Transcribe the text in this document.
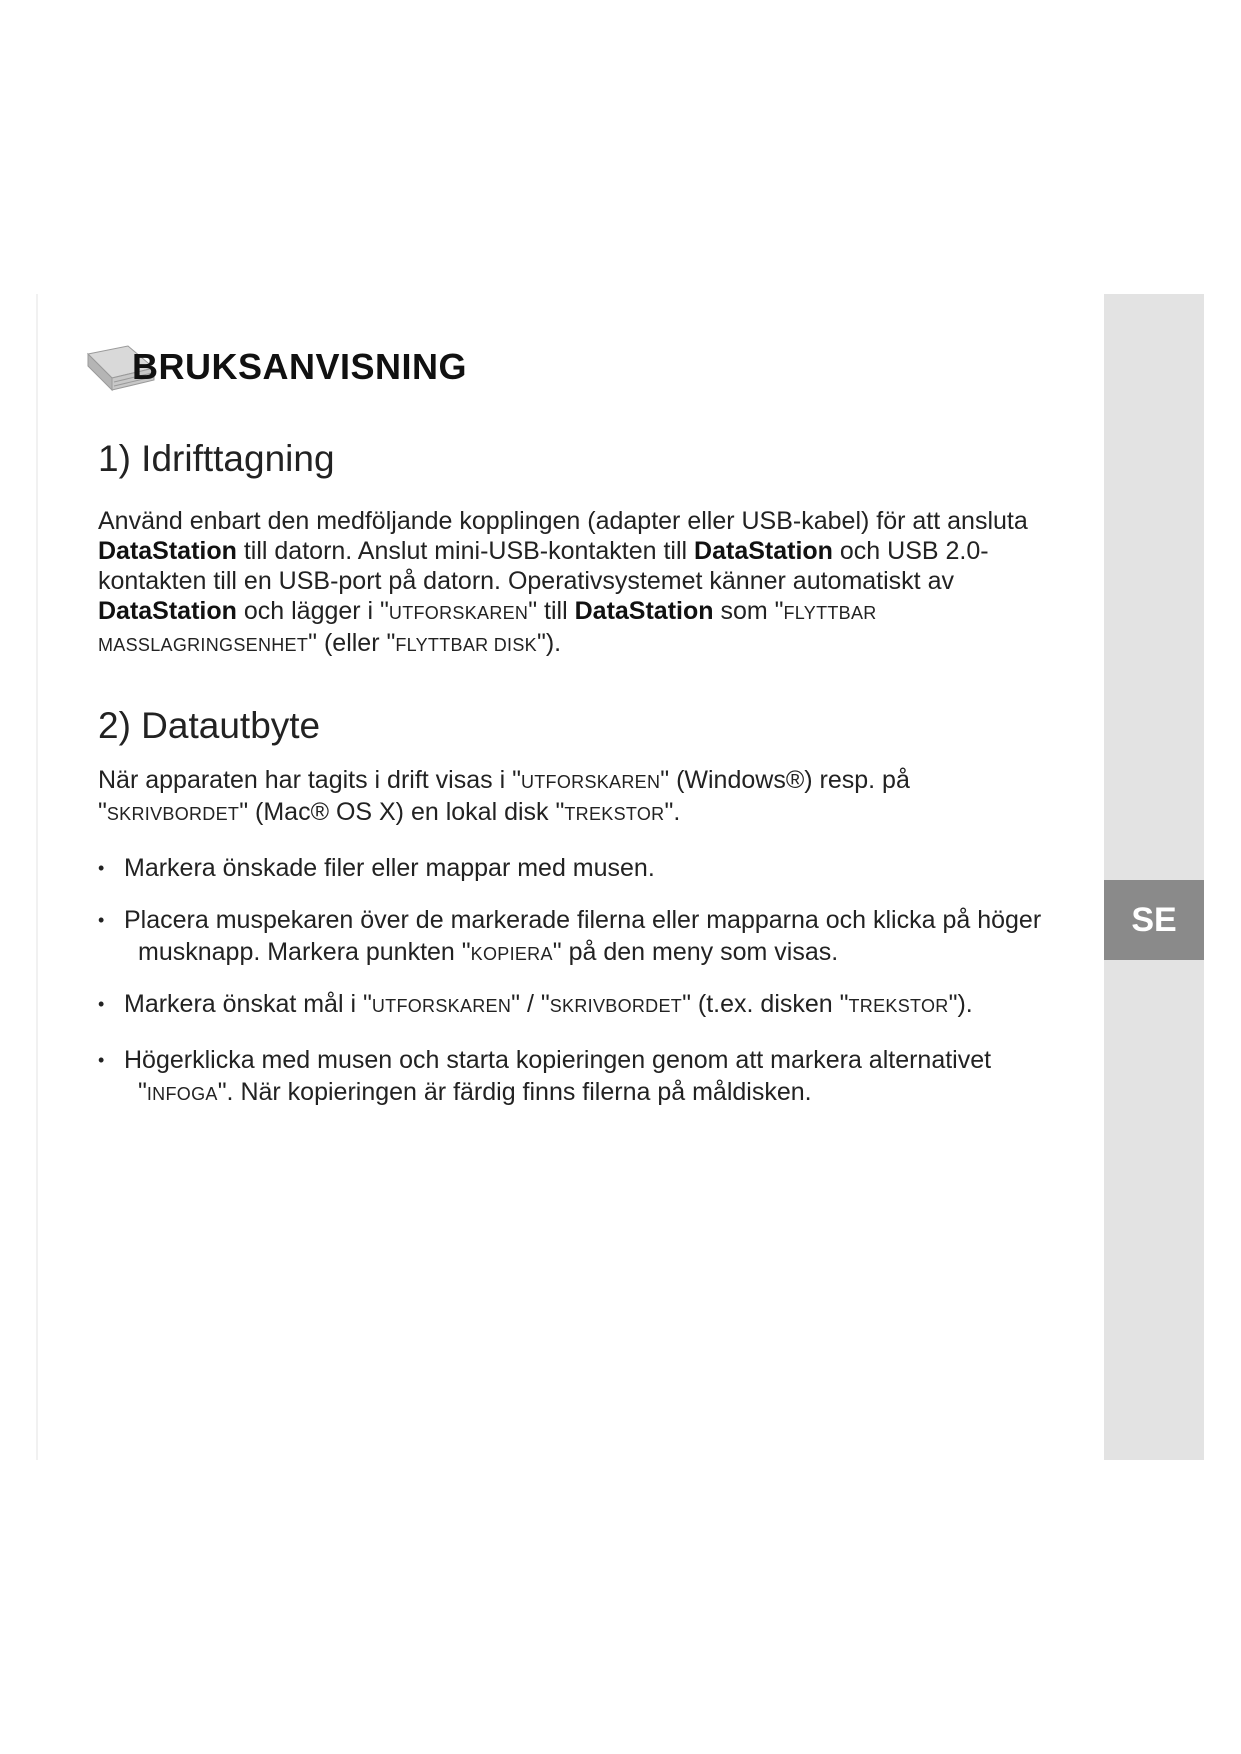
SE
BRUKSANVISNING
1) Idrifttagning

Använd enbart den medföljande kopplingen (adapter eller USB-kabel) för att ansluta DataStation till datorn. Anslut mini-USB-kontakten till DataStation och USB 2.0-kontakten till en USB-port på datorn. Operativsystemet känner automatiskt av DataStation och lägger i "UTFORSKAREN" till DataStation som "FLYTTBAR MASSLAGRINGSENHET" (eller "FLYTTBAR DISK").

2) Datautbyte

När apparaten har tagits i drift visas i "UTFORSKAREN" (Windows®) resp. på "SKRIVBORDET" (Mac® OS X) en lokal disk "TREKSTOR".

• Markera önskade filer eller mappar med musen.
• Placera muspekaren över de markerade filerna eller mapparna och klicka på höger
musknapp. Markera punkten "KOPIERA" på den meny som visas.
• Markera önskat mål i "UTFORSKAREN" / "SKRIVBORDET" (t.ex. disken "TREKSTOR").
• Högerklicka med musen och starta kopieringen genom att markera alternativet
"INFOGA". När kopieringen är färdig finns filerna på måldisken.
